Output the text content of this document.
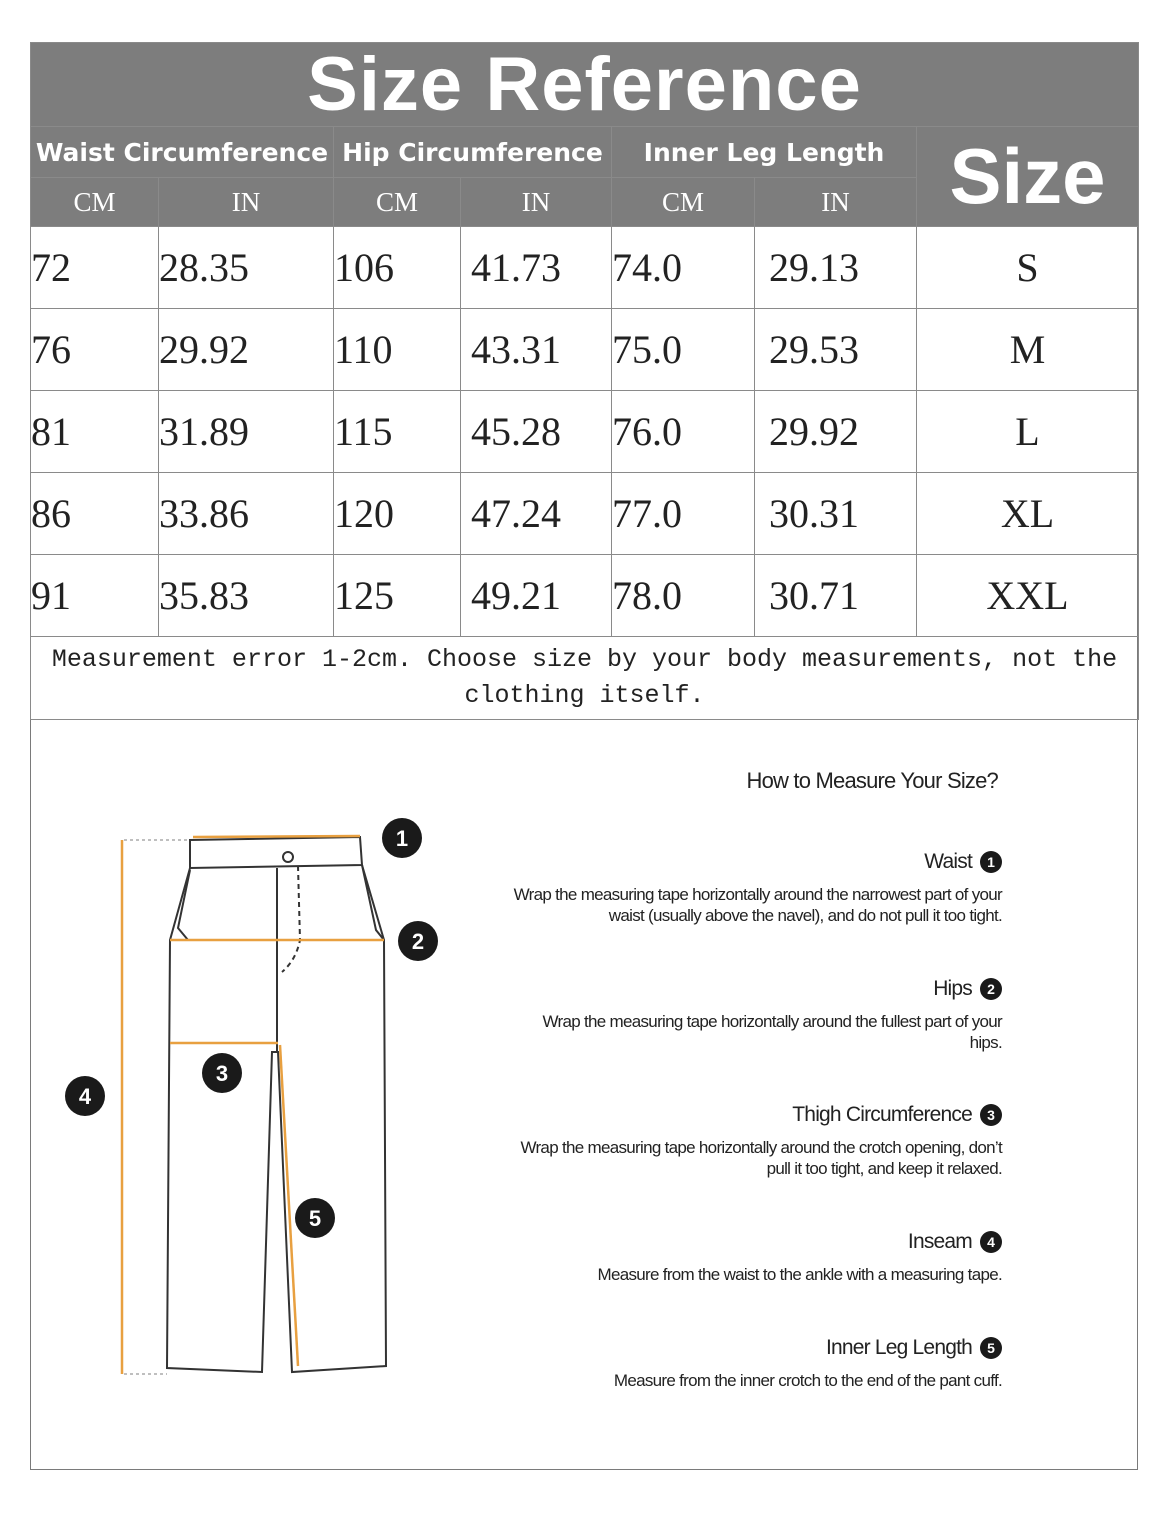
Size Reference						
Waist Circumference		Hip Circumference		Inner Leg Length		Size
CM	IN	CM	IN	CM	IN	
72	28.35	106	41.73	74.0	29.13	S
76	29.92	110	43.31	75.0	29.53	M
81	31.89	115	45.28	76.0	29.92	L
86	33.86	120	47.24	77.0	30.31	XL
91	35.83	125	49.21	78.0	30.71	XXL
Measurement error 1-2cm. Choose size by your body measurements, not the clothing itself.						
1
2
3
4
5
How to Measure Your Size?
Waist	1
Wrap the measuring tape horizontally around the narrowest part of your waist (usually above the navel), and do not pull it too tight.
Hips	2
Wrap the measuring tape horizontally around the fullest part of your hips.
Thigh Circumference	3
Wrap the measuring tape horizontally around the crotch opening, don’t pull it too tight, and keep it relaxed.
Inseam	4
Measure from the waist to the ankle with a measuring tape.
Inner Leg Length	5
Measure from the inner crotch to the end of the pant cuff.
